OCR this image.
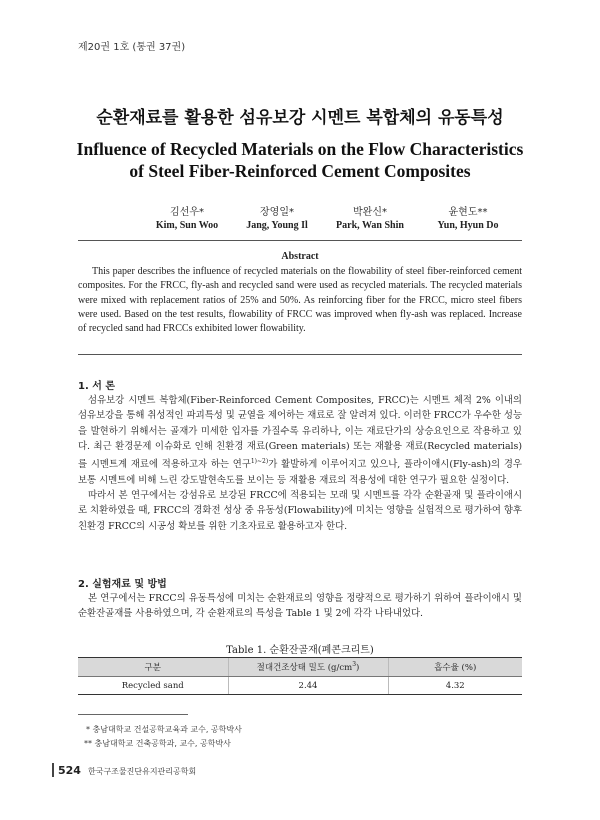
제20권 1호 (통권 37권)
순환재료를 활용한 섬유보강 시멘트 복합체의 유동특성
Influence of Recycled Materials on the Flow Characteristics
of Steel Fiber-Reinforced Cement Composites
김선우*
Kim, Sun Woo
장영일*
Jang, Young Il
박완신*
Park, Wan Shin
윤현도**
Yun, Hyun Do
Abstract
This paper describes the influence of recycled materials on the flowability of steel fiber-reinforced cement composites. For the FRCC, fly-ash and recycled sand were used as recycled materials. The recycled materials were mixed with replacement ratios of 25% and 50%. As reinforcing fiber for the FRCC, micro steel fibers were used. Based on the test results, flowability of FRCC was improved when fly-ash was replaced. Increase of recycled sand had FRCCs exhibited lower flowability.
1. 서 론

섬유보강 시멘트 복합체(Fiber-Reinforced Cement Composites, FRCC)는 시멘트 체적 2% 이내의 섬유보강을 통해 취성적인 파괴특성 및 균열을 제어하는 재료로 잘 알려져 있다. 이러한 FRCC가 우수한 성능을 발현하기 위해서는 골재가 미세한 입자를 가질수록 유리하나, 이는 재료단가의 상승요인으로 작용하고 있다. 최근 환경문제 이슈화로 인해 친환경 재료(Green materials) 또는 재활용 재료(Recycled materials)를 시멘트계 재료에 적용하고자 하는 연구$^{1)\sim 2)}$가 활발하게 이루어지고 있으나, 플라이애시(Fly-ash)의 경우 보통 시멘트에 비해 느린 강도발현속도를 보이는 등 재활용 재료의 적용성에 대한 연구가 필요한 실정이다.

따라서 본 연구에서는 강섬유로 보강된 FRCC에 적용되는 모래 및 시멘트를 각각 순환골재 및 플라이애시로 치환하였을 때, FRCC의 경화전 성상 중 유동성(Flowability)에 미치는 영향을 실험적으로 평가하여 향후 친환경 FRCC의 시공성 확보를 위한 기초자료로 활용하고자 한다.

2. 실험재료 및 방법

본 연구에서는 FRCC의 유동특성에 미치는 순환재료의 영향을 정량적으로 평가하기 위하여 플라이애시 및 순환잔골재를 사용하였으며, 각 순환재료의 특성을 Table 1 및 2에 각각 나타내었다.

Table 1. 순환잔골재(폐콘크리트)
구분	절대건조상태 밀도 $(g/cm^3)$	흡수율 (%)
Recycled sand	2.44	4.32
* 충남대학교 건설공학교육과 교수, 공학박사
** 충남대학교 건축공학과, 교수, 공학박사
524 한국구조물진단유지관리공학회
